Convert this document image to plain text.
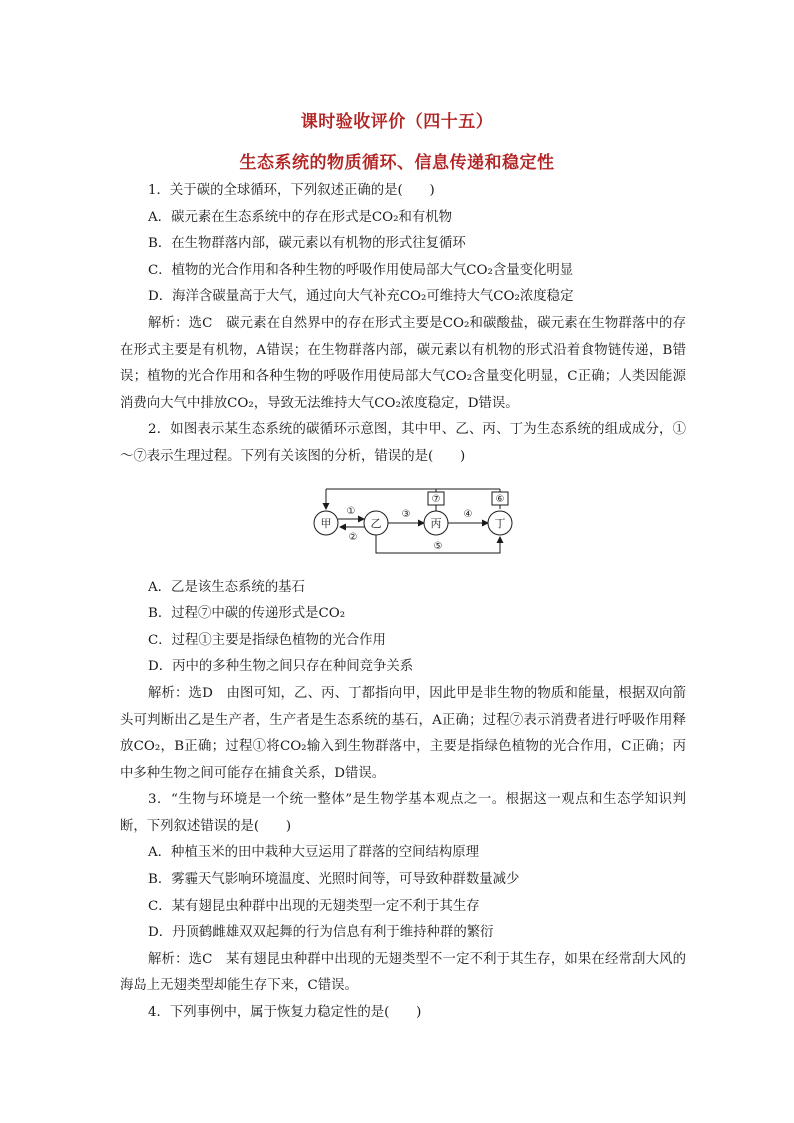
课时验收评价（四十五）
生态系统的物质循环、信息传递和稳定性

1．关于碳的全球循环，下列叙述正确的是(　　)

A．碳元素在生态系统中的存在形式是CO₂和有机物

B．在生物群落内部，碳元素以有机物的形式往复循环

C．植物的光合作用和各种生物的呼吸作用使局部大气CO₂含量变化明显

D．海洋含碳量高于大气，通过向大气补充CO₂可维持大气CO₂浓度稳定

解析：选C　碳元素在自然界中的存在形式主要是CO₂和碳酸盐，碳元素在生物群落中的存在形式主要是有机物，A错误；在生物群落内部，碳元素以有机物的形式沿着食物链传递，B错误；植物的光合作用和各种生物的呼吸作用使局部大气CO₂含量变化明显，C正确；人类因能源消费向大气中排放CO₂，导致无法维持大气CO₂浓度稳定，D错误。

2．如图表示某生态系统的碳循环示意图，其中甲、乙、丙、丁为生态系统的组成成分，①～⑦表示生理过程。下列有关该图的分析，错误的是(　　)

甲	乙	丙	丁
①
②
③	④
⑤
⑦	⑥

A．乙是该生态系统的基石

B．过程⑦中碳的传递形式是CO₂

C．过程①主要是指绿色植物的光合作用

D．丙中的多种生物之间只存在种间竞争关系

解析：选D　由图可知，乙、丙、丁都指向甲，因此甲是非生物的物质和能量，根据双向箭头可判断出乙是生产者，生产者是生态系统的基石，A正确；过程⑦表示消费者进行呼吸作用释放CO₂，B正确；过程①将CO₂输入到生物群落中，主要是指绿色植物的光合作用，C正确；丙中多种生物之间可能存在捕食关系，D错误。

3．“生物与环境是一个统一整体”是生物学基本观点之一。根据这一观点和生态学知识判断，下列叙述错误的是(　　)

A．种植玉米的田中栽种大豆运用了群落的空间结构原理

B．雾霾天气影响环境温度、光照时间等，可导致种群数量减少

C．某有翅昆虫种群中出现的无翅类型一定不利于其生存

D．丹顶鹤雌雄双双起舞的行为信息有利于维持种群的繁衍

解析：选C　某有翅昆虫种群中出现的无翅类型不一定不利于其生存，如果在经常刮大风的海岛上无翅类型却能生存下来，C错误。

4．下列事例中，属于恢复力稳定性的是(　　)
